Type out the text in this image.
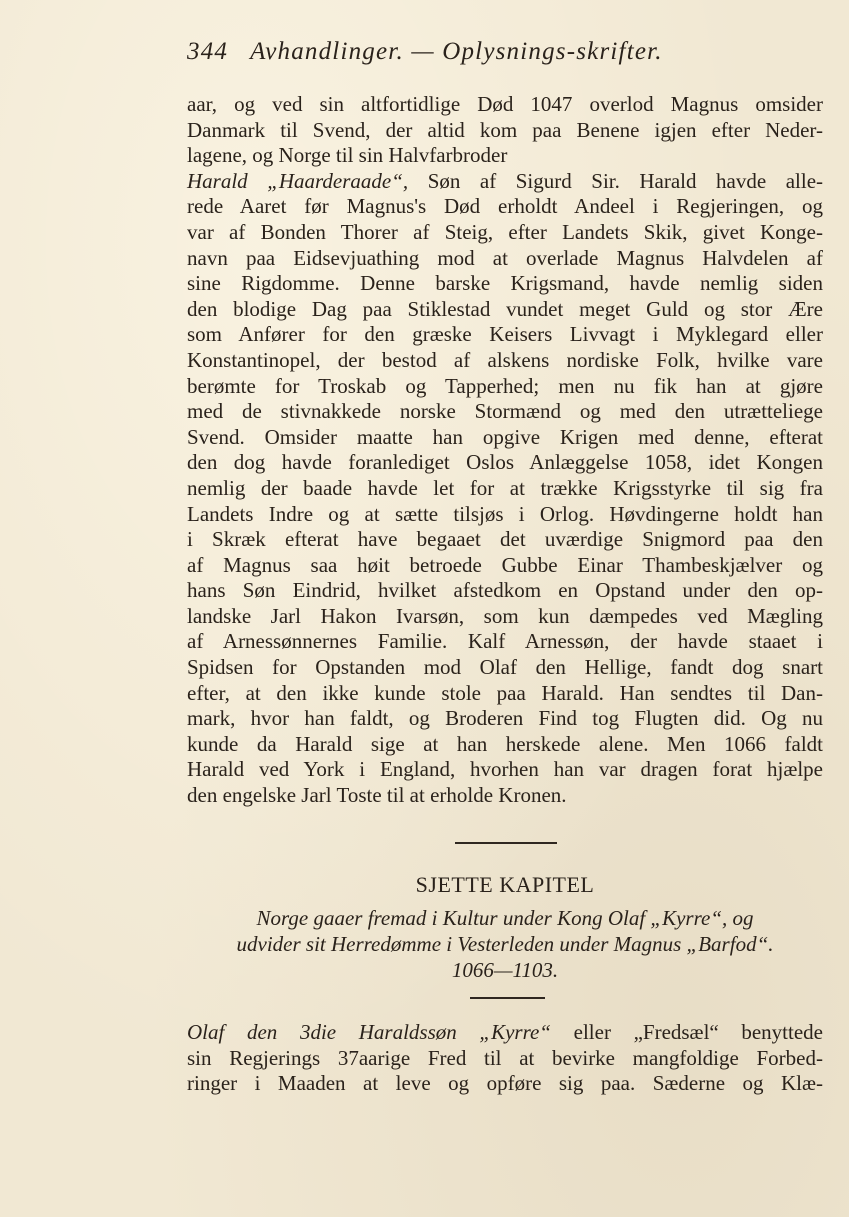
344 Avhandlinger. — Oplysnings-skrifter.
aar, og ved sin altfortidlige Død 1047 overlod Magnus omsider
Danmark til Svend, der altid kom paa Benene igjen efter Neder-
lagene, og Norge til sin Halvfarbroder
Harald „Haarderaade“, Søn af Sigurd Sir. Harald havde alle-
rede Aaret før Magnus's Død erholdt Andeel i Regjeringen, og
var af Bonden Thorer af Steig, efter Landets Skik, givet Konge-
navn paa Eidsevjuathing mod at overlade Magnus Halvdelen af
sine Rigdomme. Denne barske Krigsmand, havde nemlig siden
den blodige Dag paa Stiklestad vundet meget Guld og stor Ære
som Anfører for den græske Keisers Livvagt i Myklegard eller
Konstantinopel, der bestod af alskens nordiske Folk, hvilke vare
berømte for Troskab og Tapperhed; men nu fik han at gjøre
med de stivnakkede norske Stormænd og med den utrætteliege
Svend. Omsider maatte han opgive Krigen med denne, efterat
den dog havde foranlediget Oslos Anlæggelse 1058, idet Kongen
nemlig der baade havde let for at trække Krigsstyrke til sig fra
Landets Indre og at sætte tilsjøs i Orlog. Høvdingerne holdt han
i Skræk efterat have begaaet det uværdige Snigmord paa den
af Magnus saa høit betroede Gubbe Einar Thambeskjælver og
hans Søn Eindrid, hvilket afstedkom en Opstand under den op-
landske Jarl Hakon Ivarsøn, som kun dæmpedes ved Mægling
af Arnessønnernes Familie. Kalf Arnessøn, der havde staaet i
Spidsen for Opstanden mod Olaf den Hellige, fandt dog snart
efter, at den ikke kunde stole paa Harald. Han sendtes til Dan-
mark, hvor han faldt, og Broderen Find tog Flugten did. Og nu
kunde da Harald sige at han herskede alene. Men 1066 faldt
Harald ved York i England, hvorhen han var dragen forat hjælpe
den engelske Jarl Toste til at erholde Kronen.
SJETTE KAPITEL
Norge gaaer fremad i Kultur under Kong Olaf „Kyrre“, og
udvider sit Herredømme i Vesterleden under Magnus „Barfod“.
1066—1103.
Olaf den 3die Haraldssøn „Kyrre“ eller „Fredsæl“ benyttede
sin Regjerings 37aarige Fred til at bevirke mangfoldige Forbed-
ringer i Maaden at leve og opføre sig paa. Sæderne og Klæ-
